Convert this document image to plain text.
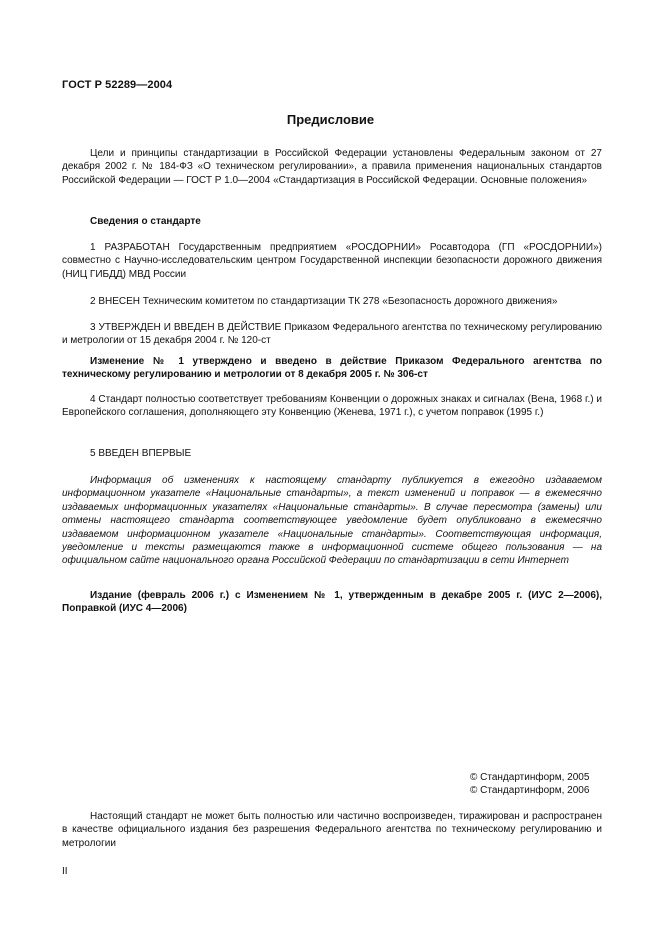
ГОСТ Р 52289—2004
Предисловие

Цели и принципы стандартизации в Российской Федерации установлены Федеральным законом от 27 декабря 2002 г. № 184-ФЗ «О техническом регулировании», а правила применения национальных стандартов Российской Федерации — ГОСТ Р 1.0—2004 «Стандартизация в Российской Федерации. Основные положения»

Сведения о стандарте

1 РАЗРАБОТАН Государственным предприятием «РОСДОРНИИ» Росавтодора (ГП «РОСДОРНИИ») совместно с Научно-исследовательским центром Государственной инспекции безопасности дорожного движения (НИЦ ГИБДД) МВД России

2 ВНЕСЕН Техническим комитетом по стандартизации ТК 278 «Безопасность дорожного движения»

3 УТВЕРЖДЕН И ВВЕДЕН В ДЕЙСТВИЕ Приказом Федерального агентства по техническому регулированию и метрологии от 15 декабря 2004 г. № 120-ст

Изменение № 1 утверждено и введено в действие Приказом Федерального агентства по техническому регулированию и метрологии от 8 декабря 2005 г. № 306-ст

4 Стандарт полностью соответствует требованиям Конвенции о дорожных знаках и сигналах (Вена, 1968 г.) и Европейского соглашения, дополняющего эту Конвенцию (Женева, 1971 г.), с учетом поправок (1995 г.)

5 ВВЕДЕН ВПЕРВЫЕ

Информация об изменениях к настоящему стандарту публикуется в ежегодно издаваемом информационном указателе «Национальные стандарты», а текст изменений и поправок — в ежемесячно издаваемых информационных указателях «Национальные стандарты». В случае пересмотра (замены) или отмены настоящего стандарта соответствующее уведомление будет опубликовано в ежемесячно издаваемом информационном указателе «Национальные стандарты». Соответствующая информация, уведомление и тексты размещаются также в информационной системе общего пользования — на официальном сайте национального органа Российской Федерации по стандартизации в сети Интернет

Издание (февраль 2006 г.) с Изменением № 1, утвержденным в декабре 2005 г. (ИУС 2—2006), Поправкой (ИУС 4—2006)

© Стандартинформ, 2005
© Стандартинформ, 2006

Настоящий стандарт не может быть полностью или частично воспроизведен, тиражирован и распространен в качестве официального издания без разрешения Федерального агентства по техническому регулированию и метрологии

II
